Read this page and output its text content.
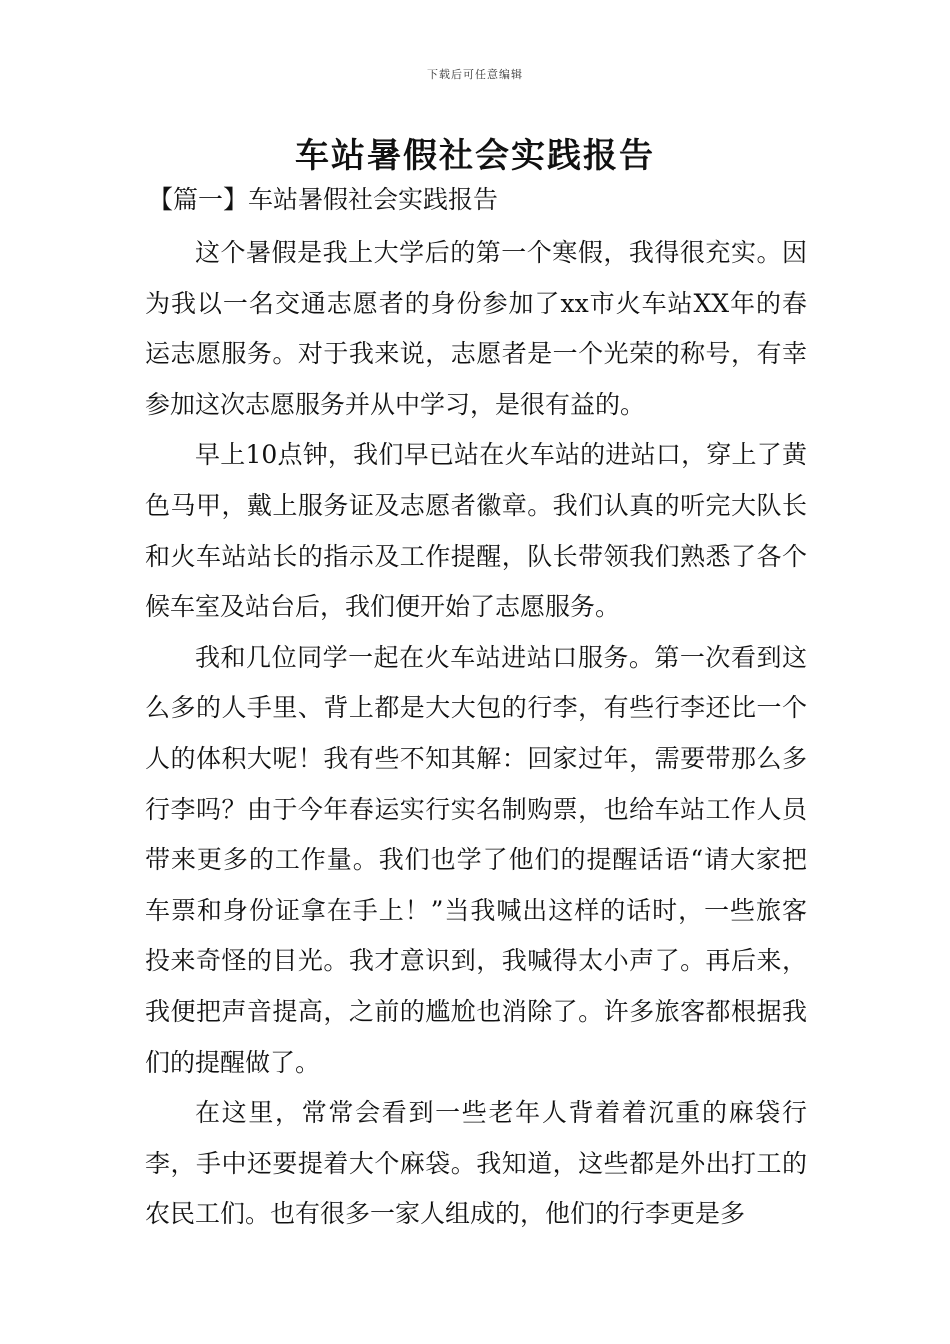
下载后可任意编辑
车站暑假社会实践报告
【篇一】车站暑假社会实践报告

这个暑假是我上大学后的第一个寒假，我得很充实。因为我以一名交通志愿者的身份参加了xx市火车站XX年的春运志愿服务。对于我来说，志愿者是一个光荣的称号，有幸参加这次志愿服务并从中学习，是很有益的。

早上10点钟，我们早已站在火车站的进站口，穿上了黄色马甲，戴上服务证及志愿者徽章。我们认真的听完大队长和火车站站长的指示及工作提醒，队长带领我们熟悉了各个候车室及站台后，我们便开始了志愿服务。

我和几位同学一起在火车站进站口服务。第一次看到这么多的人手里、背上都是大大包的行李，有些行李还比一个人的体积大呢！我有些不知其解：回家过年，需要带那么多行李吗？由于今年春运实行实名制购票，也给车站工作人员带来更多的工作量。我们也学了他们的提醒话语“请大家把车票和身份证拿在手上！”当我喊出这样的话时，一些旅客投来奇怪的目光。我才意识到，我喊得太小声了。再后来，我便把声音提高，之前的尴尬也消除了。许多旅客都根据我们的提醒做了。

在这里，常常会看到一些老年人背着着沉重的麻袋行李，手中还要提着大个麻袋。我知道，这些都是外出打工的农民工们。也有很多一家人组成的，他们的行李更是多
